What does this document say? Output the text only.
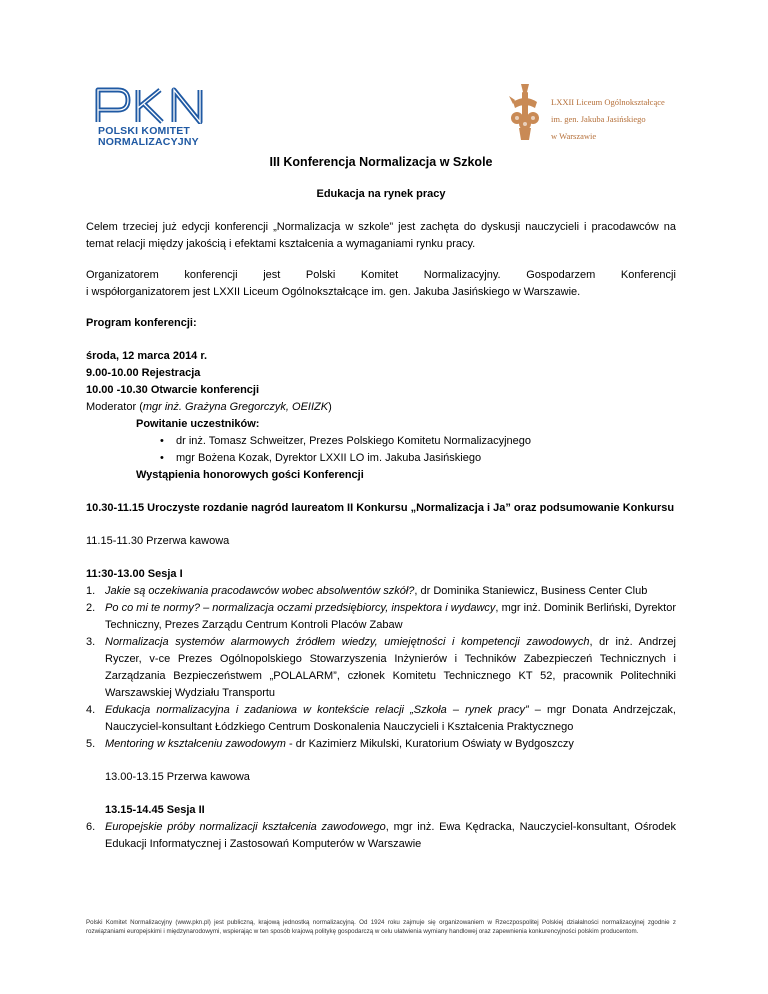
POLSKI KOMITET
NORMALIZACYJNY
LXXII Liceum Ogólnokształcące
im. gen. Jakuba Jasińskiego
w Warszawie
III Konferencja Normalizacja w Szkole
Edukacja na rynek pracy

Celem trzeciej już edycji konferencji „Normalizacja w szkole” jest zachęta do dyskusji nauczycieli i pracodawców na temat relacji między jakością i efektami kształcenia a wymaganiami rynku pracy.

Organizatorem konferencji jest Polski Komitet Normalizacyjny. Gospodarzem Konferencji
i współorganizatorem jest LXXII Liceum Ogólnokształcące im. gen. Jakuba Jasińskiego w Warszawie.

Program konferencji:

środa, 12 marca 2014 r.
9.00-10.00 Rejestracja
10.00 -10.30 Otwarcie konferencji
Moderator (mgr inż. Grażyna Gregorczyk, OEIIZK)
Powitanie uczestników:
• dr inż. Tomasz Schweitzer, Prezes Polskiego Komitetu Normalizacyjnego
• mgr Bożena Kozak, Dyrektor LXXII LO im. Jakuba Jasińskiego
Wystąpienia honorowych gości Konferencji

10.30-11.15 Uroczyste rozdanie nagród laureatom II Konkursu „Normalizacja i Ja” oraz podsumowanie Konkursu

11.15-11.30 Przerwa kawowa

11:30-13.00 Sesja I

1. Jakie są oczekiwania pracodawców wobec absolwentów szkół?, dr Dominika Staniewicz, Business Center Club
2. Po co mi te normy? – normalizacja oczami przedsiębiorcy, inspektora i wydawcy, mgr inż. Dominik Berliński, Dyrektor Techniczny, Prezes Zarządu Centrum Kontroli Placów Zabaw
3. Normalizacja systemów alarmowych źródłem wiedzy, umiejętności i kompetencji zawodowych, dr inż. Andrzej Ryczer, v-ce Prezes Ogólnopolskiego Stowarzyszenia Inżynierów i Techników Zabezpieczeń Technicznych i Zarządzania Bezpieczeństwem „POLALARM”, członek Komitetu Technicznego KT 52, pracownik Politechniki Warszawskiej Wydziału Transportu
4. Edukacja normalizacyjna i zadaniowa w kontekście relacji „Szkoła – rynek pracy” – mgr Donata Andrzejczak, Nauczyciel-konsultant Łódzkiego Centrum Doskonalenia Nauczycieli i Kształcenia Praktycznego
5. Mentoring w kształceniu zawodowym - dr Kazimierz Mikulski, Kuratorium Oświaty w Bydgoszczy

13.00-13.15 Przerwa kawowa

13.15-14.45 Sesja II

6. Europejskie próby normalizacji kształcenia zawodowego, mgr inż. Ewa Kędracka, Nauczyciel-konsultant, Ośrodek Edukacji Informatycznej i Zastosowań Komputerów w Warszawie
Polski Komitet Normalizacyjny (www.pkn.pl) jest publiczną, krajową jednostką normalizacyjną. Od 1924 roku zajmuje się organizowaniem w Rzeczpospolitej Polskiej działalności normalizacyjnej zgodnie z rozwiązaniami europejskimi i międzynarodowymi, wspierając w ten sposób krajową politykę gospodarczą w celu ułatwienia wymiany handlowej oraz zapewnienia konkurencyjności polskim producentom.
